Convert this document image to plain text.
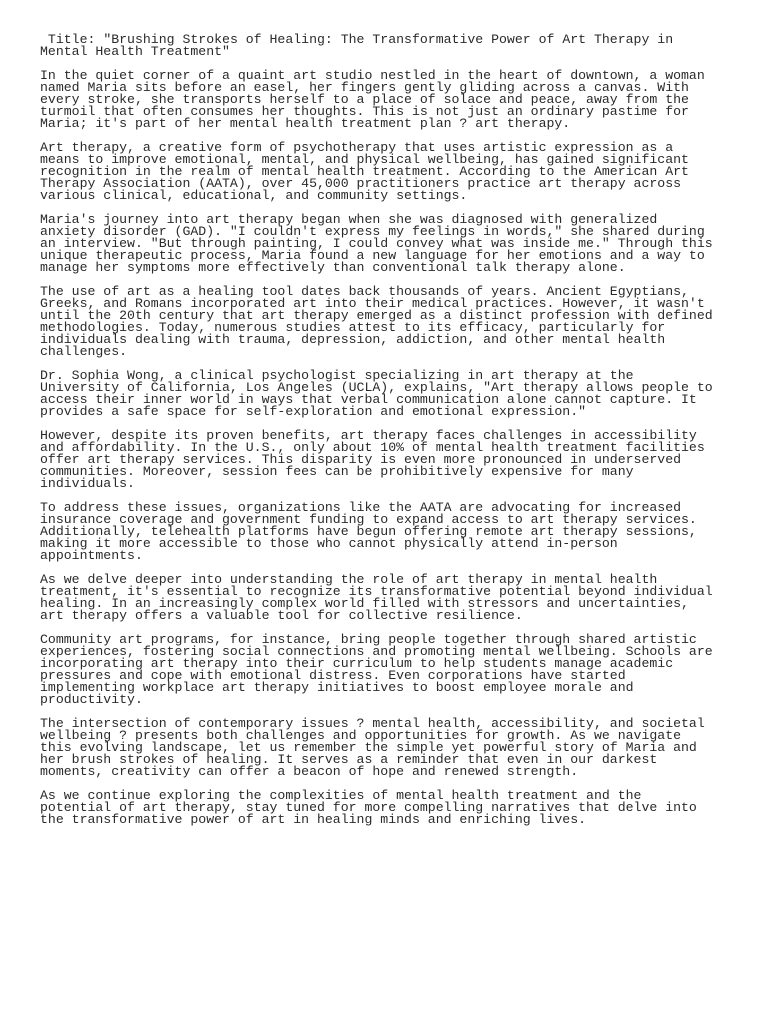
Title: "Brushing Strokes of Healing: The Transformative Power of Art Therapy in
Mental Health Treatment"
In the quiet corner of a quaint art studio nestled in the heart of downtown, a woman
named Maria sits before an easel, her fingers gently gliding across a canvas. With
every stroke, she transports herself to a place of solace and peace, away from the
turmoil that often consumes her thoughts. This is not just an ordinary pastime for
Maria; it's part of her mental health treatment plan ? art therapy.
Art therapy, a creative form of psychotherapy that uses artistic expression as a
means to improve emotional, mental, and physical wellbeing, has gained significant
recognition in the realm of mental health treatment. According to the American Art
Therapy Association (AATA), over 45,000 practitioners practice art therapy across
various clinical, educational, and community settings.
Maria's journey into art therapy began when she was diagnosed with generalized
anxiety disorder (GAD). "I couldn't express my feelings in words," she shared during
an interview. "But through painting, I could convey what was inside me." Through this
unique therapeutic process, Maria found a new language for her emotions and a way to
manage her symptoms more effectively than conventional talk therapy alone.
The use of art as a healing tool dates back thousands of years. Ancient Egyptians,
Greeks, and Romans incorporated art into their medical practices. However, it wasn't
until the 20th century that art therapy emerged as a distinct profession with defined
methodologies. Today, numerous studies attest to its efficacy, particularly for
individuals dealing with trauma, depression, addiction, and other mental health
challenges.
Dr. Sophia Wong, a clinical psychologist specializing in art therapy at the
University of California, Los Angeles (UCLA), explains, "Art therapy allows people to
access their inner world in ways that verbal communication alone cannot capture. It
provides a safe space for self-exploration and emotional expression."
However, despite its proven benefits, art therapy faces challenges in accessibility
and affordability. In the U.S., only about 10% of mental health treatment facilities
offer art therapy services. This disparity is even more pronounced in underserved
communities. Moreover, session fees can be prohibitively expensive for many
individuals.
To address these issues, organizations like the AATA are advocating for increased
insurance coverage and government funding to expand access to art therapy services.
Additionally, telehealth platforms have begun offering remote art therapy sessions,
making it more accessible to those who cannot physically attend in-person
appointments.
As we delve deeper into understanding the role of art therapy in mental health
treatment, it's essential to recognize its transformative potential beyond individual
healing. In an increasingly complex world filled with stressors and uncertainties,
art therapy offers a valuable tool for collective resilience.
Community art programs, for instance, bring people together through shared artistic
experiences, fostering social connections and promoting mental wellbeing. Schools are
incorporating art therapy into their curriculum to help students manage academic
pressures and cope with emotional distress. Even corporations have started
implementing workplace art therapy initiatives to boost employee morale and
productivity.
The intersection of contemporary issues ? mental health, accessibility, and societal
wellbeing ? presents both challenges and opportunities for growth. As we navigate
this evolving landscape, let us remember the simple yet powerful story of Maria and
her brush strokes of healing. It serves as a reminder that even in our darkest
moments, creativity can offer a beacon of hope and renewed strength.
As we continue exploring the complexities of mental health treatment and the
potential of art therapy, stay tuned for more compelling narratives that delve into
the transformative power of art in healing minds and enriching lives.
